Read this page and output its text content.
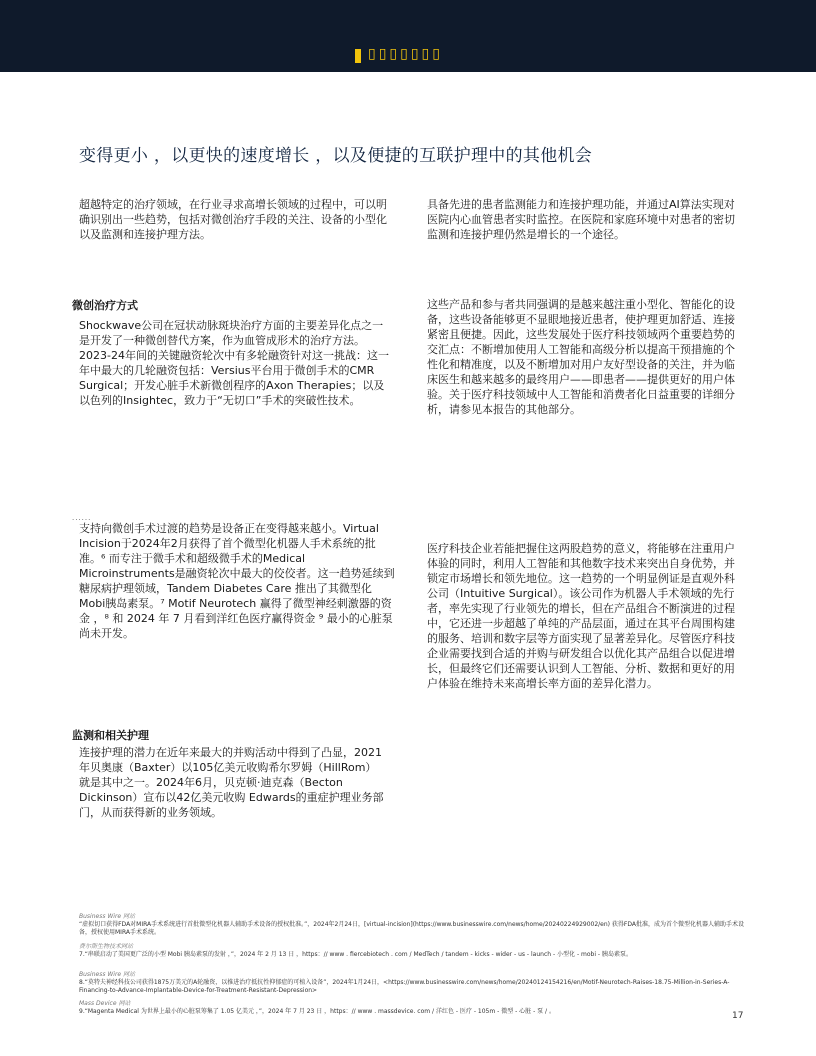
▯▯▯▯▯▯▯
变得更小 ，以更快的速度增长 ，以及便捷的互联护理中的其他机会

超越特定的治疗领域，在行业寻求高增长领域的过程中，可以明确识别出一些趋势，包括对微创治疗手段的关注、设备的小型化以及监测和连接护理方法。

具备先进的患者监测能力和连接护理功能，并通过AI算法实现对医院内心血管患者实时监控。在医院和家庭环境中对患者的密切监测和连接护理仍然是增长的一个途径。

微创治疗方式

Shockwave公司在冠状动脉斑块治疗方面的主要差异化点之一是开发了一种微创替代方案，作为血管成形术的治疗方法。2023-24年间的关键融资轮次中有多轮融资针对这一挑战：这一年中最大的几轮融资包括：Versius平台用于微创手术的CMR Surgical；开发心脏手术新微创程序的Axon Therapies；以及以色列的Insightec，致力于“无切口”手术的突破性技术。

这些产品和参与者共同强调的是越来越注重小型化、智能化的设备，这些设备能够更不显眼地接近患者，使护理更加舒适、连接紧密且便捷。因此，这些发展处于医疗科技领域两个重要趋势的交汇点：不断增加使用人工智能和高级分析以提高干预措施的个性化和精准度，以及不断增加对用户友好型设备的关注，并为临床医生和越来越多的最终用户——即患者——提供更好的用户体验。关于医疗科技领域中人工智能和消费者化日益重要的详细分析，请参见本报告的其他部分。

......

支持向微创手术过渡的趋势是设备正在变得越来越小。Virtual Incision于2024年2月获得了首个微型化机器人手术系统的批准。⁶ 而专注于微手术和超级微手术的Medical Microinstruments是融资轮次中最大的佼佼者。这一趋势延续到糖尿病护理领域，Tandem Diabetes Care 推出了其微型化Mobi胰岛素泵。⁷ Motif Neurotech 赢得了微型神经刺激器的资金 ，⁸ 和 2024 年 7 月看到洋红色医疗赢得资金 ⁹ 最小的心脏泵尚未开发。

医疗科技企业若能把握住这两股趋势的意义，将能够在注重用户体验的同时，利用人工智能和其他数字技术来突出自身优势，并锁定市场增长和领先地位。这一趋势的一个明显例证是直观外科公司（Intuitive Surgical）。该公司作为机器人手术领域的先行者，率先实现了行业领先的增长，但在产品组合不断演进的过程中，它还进一步超越了单纯的产品层面，通过在其平台周围构建的服务、培训和数字层等方面实现了显著差异化。尽管医疗科技企业需要找到合适的并购与研发组合以优化其产品组合以促进增长，但最终它们还需要认识到人工智能、分析、数据和更好的用户体验在维持未来高增长率方面的差异化潜力。

监测和相关护理

连接护理的潜力在近年来最大的并购活动中得到了凸显，2021年贝奥康（Baxter）以105亿美元收购希尔罗姆（HillRom）就是其中之一。2024年6月，贝克顿·迪克森（Becton Dickinson）宣布以42亿美元收购 Edwards的重症护理业务部门，从而获得新的业务领域。

Business Wire 网站
“虚拟切口获得FDA对MIRA手术系统进行首批微型化机器人辅助手术设备的授权批准。”，2024年2月24日，[virtual-incision](https://www.businesswire.com/news/home/20240224929002/en) 获得FDA批准，成为首个微型化机器人辅助手术设备，授权使用MIRA手术系统。
费尔斯生物技术网站
7.“串联启动了美国更广泛的小型 Mobi 胰岛素泵的发射 ，”，2024 年 2 月 13 日 ，https：// www . fiercebiotech . com / MedTech / tandem - kicks - wider - us - launch - 小型化 - mobi - 胰岛素泵。
Business Wire 网站
8.“莫特夫神经科技公司获得1875万美元的A轮融资，以推进治疗抵抗性抑郁症的可植入设备”，2024年1月24日，<https://www.businesswire.com/news/home/20240124154216/en/Motif-Neurotech-Raises-18.75-Million-in-Series-A-Financing-to-Advance-Implantable-Device-for-Treatment-Resistant-Depression>
Mass Device 网站
9.“Magenta Medical 为世界上最小的心脏泵筹集了 1.05 亿美元 ，”，2024 年 7 月 23 日 ，https：// www . massdevice. com / 洋红色 - 医疗 - 105m - 微型 - 心脏 - 泵 / 。	17
